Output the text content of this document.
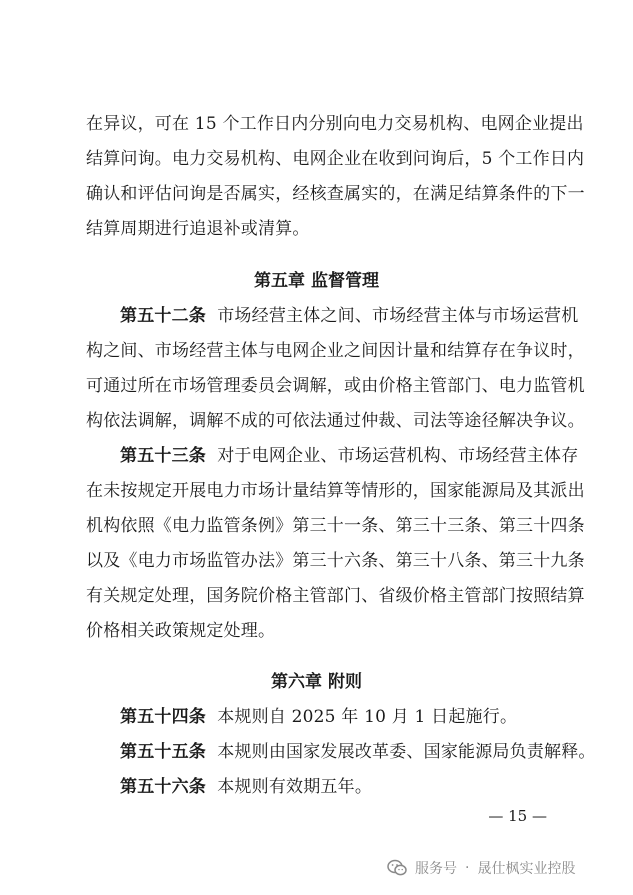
在异议，可在 15 个工作日内分别向电力交易机构、电网企业提出
结算问询。电力交易机构、电网企业在收到问询后，5 个工作日内
确认和评估问询是否属实，经核查属实的，在满足结算条件的下一
结算周期进行追退补或清算。
第五章 监督管理
第五十二条 市场经营主体之间、市场经营主体与市场运营机
构之间、市场经营主体与电网企业之间因计量和结算存在争议时，
可通过所在市场管理委员会调解，或由价格主管部门、电力监管机
构依法调解，调解不成的可依法通过仲裁、司法等途径解决争议。
第五十三条 对于电网企业、市场运营机构、市场经营主体存
在未按规定开展电力市场计量结算等情形的，国家能源局及其派出
机构依照《电力监管条例》第三十一条、第三十三条、第三十四条
以及《电力市场监管办法》第三十六条、第三十八条、第三十九条
有关规定处理，国务院价格主管部门、省级价格主管部门按照结算
价格相关政策规定处理。
第六章 附则
第五十四条 本规则自 2025 年 10 月 1 日起施行。
第五十五条 本规则由国家发展改革委、国家能源局负责解释。
第五十六条 本规则有效期五年。
— 15 —
服务号 · 晟仕枫实业控股
